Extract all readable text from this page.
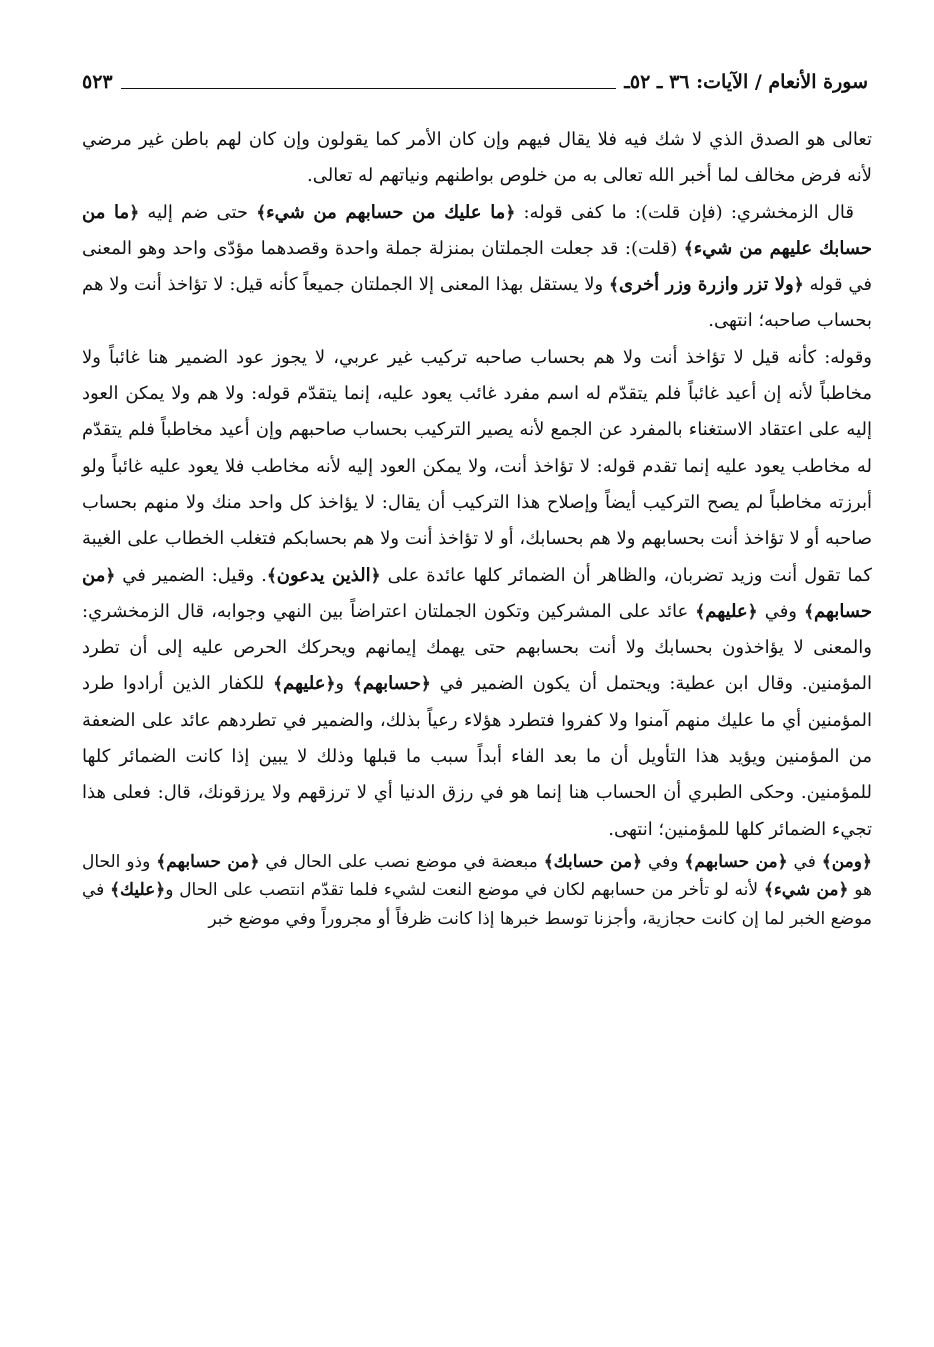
سورة الأنعام / الآيات: ٣٦ ـ ٥٢ـ
٥٢٣

تعالى هو الصدق الذي لا شك فيه فلا يقال فيهم وإن كان الأمر كما يقولون وإن كان لهم باطن غير مرضي لأنه فرض مخالف لما أخبر الله تعالى به من خلوص بواطنهم ونياتهم له تعالى.

قال الزمخشري: (فإن قلت): ما كفى قوله: ﴿ما عليك من حسابهم من شيء﴾ حتى ضم إليه ﴿ما من حسابك عليهم من شيء﴾ (قلت): قد جعلت الجملتان بمنزلة جملة واحدة وقصدهما مؤدّى واحد وهو المعنى في قوله ﴿ولا تزر وازرة وزر أخرى﴾ ولا يستقل بهذا المعنى إلا الجملتان جميعاً كأنه قيل: لا تؤاخذ أنت ولا هم بحساب صاحبه؛ انتهى.

وقوله: كأنه قيل لا تؤاخذ أنت ولا هم بحساب صاحبه تركيب غير عربي، لا يجوز عود الضمير هنا غائباً ولا مخاطباً لأنه إن أعيد غائباً فلم يتقدّم له اسم مفرد غائب يعود عليه، إنما يتقدّم قوله: ولا هم ولا يمكن العود إليه على اعتقاد الاستغناء بالمفرد عن الجمع لأنه يصير التركيب بحساب صاحبهم وإن أعيد مخاطباً فلم يتقدّم له مخاطب يعود عليه إنما تقدم قوله: لا تؤاخذ أنت، ولا يمكن العود إليه لأنه مخاطب فلا يعود عليه غائباً ولو أبرزته مخاطباً لم يصح التركيب أيضاً وإصلاح هذا التركيب أن يقال: لا يؤاخذ كل واحد منك ولا منهم بحساب صاحبه أو لا تؤاخذ أنت بحسابهم ولا هم بحسابك، أو لا تؤاخذ أنت ولا هم بحسابكم فتغلب الخطاب على الغيبة كما تقول أنت وزيد تضربان، والظاهر أن الضمائر كلها عائدة على ﴿الذين يدعون﴾. وقيل: الضمير في ﴿من حسابهم﴾ وفي ﴿عليهم﴾ عائد على المشركين وتكون الجملتان اعتراضاً بين النهي وجوابه، قال الزمخشري: والمعنى لا يؤاخذون بحسابك ولا أنت بحسابهم حتى يهمك إيمانهم ويحركك الحرص عليه إلى أن تطرد المؤمنين. وقال ابن عطية: ويحتمل أن يكون الضمير في ﴿حسابهم﴾ و﴿عليهم﴾ للكفار الذين أرادوا طرد المؤمنين أي ما عليك منهم آمنوا ولا كفروا فتطرد هؤلاء رعياً بذلك، والضمير في تطردهم عائد على الضعفة من المؤمنين ويؤيد هذا التأويل أن ما بعد الفاء أبداً سبب ما قبلها وذلك لا يبين إذا كانت الضمائر كلها للمؤمنين. وحكى الطبري أن الحساب هنا إنما هو في رزق الدنيا أي لا ترزقهم ولا يرزقونك، قال: فعلى هذا تجيء الضمائر كلها للمؤمنين؛ انتهى.

﴿ومن﴾ في ﴿من حسابهم﴾ وفي ﴿من حسابك﴾ مبعضة في موضع نصب على الحال في ﴿من حسابهم﴾ وذو الحال هو ﴿من شيء﴾ لأنه لو تأخر من حسابهم لكان في موضع النعت لشيء فلما تقدّم انتصب على الحال و﴿عليك﴾ في موضع الخبر لما إن كانت حجازية، وأجزنا توسط خبرها إذا كانت ظرفاً أو مجروراً وفي موضع خبر
